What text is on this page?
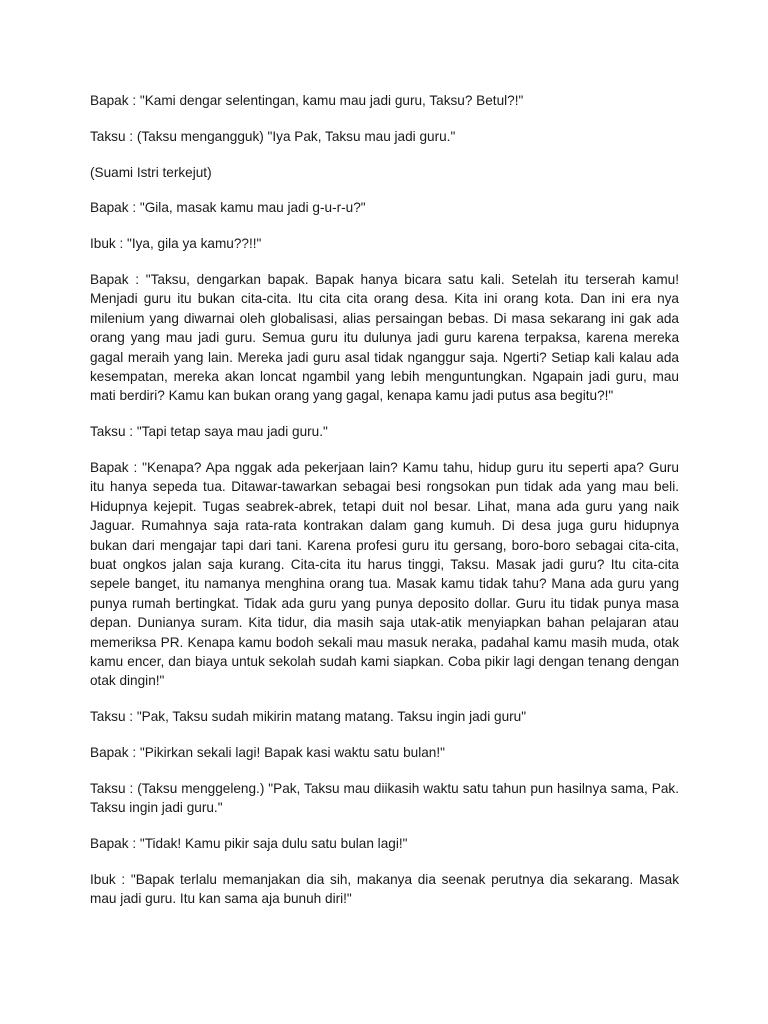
Bapak : "Kami dengar selentingan, kamu mau jadi guru, Taksu? Betul?!"

Taksu : (Taksu mengangguk) "Iya Pak, Taksu mau jadi guru."

(Suami Istri terkejut)

Bapak : "Gila, masak kamu mau jadi g-u-r-u?"

Ibuk : "Iya, gila ya kamu??!!"

Bapak : "Taksu, dengarkan bapak. Bapak hanya bicara satu kali. Setelah itu terserah kamu! Menjadi guru itu bukan cita-cita. Itu cita cita orang desa. Kita ini orang kota. Dan ini era nya milenium yang diwarnai oleh globalisasi, alias persaingan bebas. Di masa sekarang ini gak ada orang yang mau jadi guru. Semua guru itu dulunya jadi guru karena terpaksa, karena mereka gagal meraih yang lain. Mereka jadi guru asal tidak nganggur saja. Ngerti? Setiap kali kalau ada kesempatan, mereka akan loncat ngambil yang lebih menguntungkan. Ngapain jadi guru, mau mati berdiri? Kamu kan bukan orang yang gagal, kenapa kamu jadi putus asa begitu?!"

Taksu : "Tapi tetap saya mau jadi guru."

Bapak : "Kenapa? Apa nggak ada pekerjaan lain? Kamu tahu, hidup guru itu seperti apa? Guru itu hanya sepeda tua. Ditawar-tawarkan sebagai besi rongsokan pun tidak ada yang mau beli. Hidupnya kejepit. Tugas seabrek-abrek, tetapi duit nol besar. Lihat, mana ada guru yang naik Jaguar. Rumahnya saja rata-rata kontrakan dalam gang kumuh. Di desa juga guru hidupnya bukan dari mengajar tapi dari tani. Karena profesi guru itu gersang, boro-boro sebagai cita-cita, buat ongkos jalan saja kurang. Cita-cita itu harus tinggi, Taksu. Masak jadi guru? Itu cita-cita sepele banget, itu namanya menghina orang tua. Masak kamu tidak tahu? Mana ada guru yang punya rumah bertingkat. Tidak ada guru yang punya deposito dollar. Guru itu tidak punya masa depan. Dunianya suram. Kita tidur, dia masih saja utak-atik menyiapkan bahan pelajaran atau memeriksa PR. Kenapa kamu bodoh sekali mau masuk neraka, padahal kamu masih muda, otak kamu encer, dan biaya untuk sekolah sudah kami siapkan. Coba pikir lagi dengan tenang dengan otak dingin!"

Taksu : "Pak, Taksu sudah mikirin matang matang. Taksu ingin jadi guru"

Bapak : "Pikirkan sekali lagi! Bapak kasi waktu satu bulan!"

Taksu : (Taksu menggeleng.) "Pak, Taksu mau diikasih waktu satu tahun pun hasilnya sama, Pak. Taksu ingin jadi guru."

Bapak : "Tidak! Kamu pikir saja dulu satu bulan lagi!"

Ibuk : "Bapak terlalu memanjakan dia sih, makanya dia seenak perutnya dia sekarang. Masak mau jadi guru. Itu kan sama aja bunuh diri!"
